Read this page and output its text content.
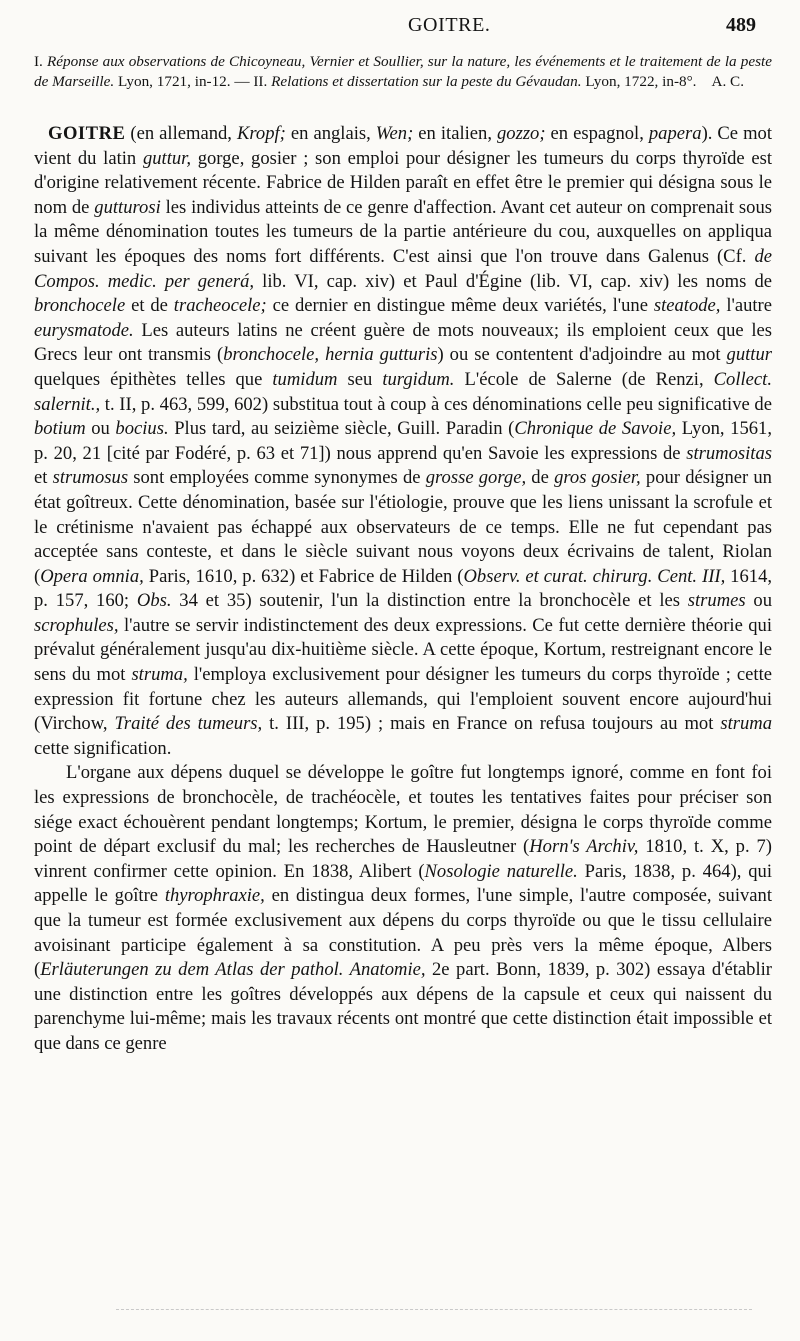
GOITRE.	489
I. Réponse aux observations de Chicoyneau, Vernier et Soullier, sur la nature, les événements et le traitement de la peste de Marseille. Lyon, 1721, in-12. — II. Relations et dissertation sur la peste du Gévaudan. Lyon, 1722, in-8°. A. C.

GOITRE (en allemand, Kropf; en anglais, Wen; en italien, gozzo; en espagnol, papera). Ce mot vient du latin guttur, gorge, gosier ; son emploi pour désigner les tumeurs du corps thyroïde est d'origine relativement récente. Fabrice de Hilden paraît en effet être le premier qui désigna sous le nom de gutturosi les individus atteints de ce genre d'affection. Avant cet auteur on comprenait sous la même dénomination toutes les tumeurs de la partie antérieure du cou, auxquelles on appliqua suivant les époques des noms fort différents. C'est ainsi que l'on trouve dans Galenus (Cf. de Compos. medic. per generá, lib. VI, cap. xiv) et Paul d'Égine (lib. VI, cap. xiv) les noms de bronchocele et de tracheocele; ce dernier en distingue même deux variétés, l'une steatode, l'autre eurysmatode. Les auteurs latins ne créent guère de mots nouveaux; ils emploient ceux que les Grecs leur ont transmis (bronchocele, hernia gutturis) ou se contentent d'adjoindre au mot guttur quelques épithètes telles que tumidum seu turgidum. L'école de Salerne (de Renzi, Collect. salernit., t. II, p. 463, 599, 602) substitua tout à coup à ces dénominations celle peu significative de botium ou bocius. Plus tard, au seizième siècle, Guill. Paradin (Chronique de Savoie, Lyon, 1561, p. 20, 21 [cité par Fodéré, p. 63 et 71]) nous apprend qu'en Savoie les expressions de strumositas et strumosus sont employées comme synonymes de grosse gorge, de gros gosier, pour désigner un état goîtreux. Cette dénomination, basée sur l'étiologie, prouve que les liens unissant la scrofule et le crétinisme n'avaient pas échappé aux observateurs de ce temps. Elle ne fut cependant pas acceptée sans conteste, et dans le siècle suivant nous voyons deux écrivains de talent, Riolan (Opera omnia, Paris, 1610, p. 632) et Fabrice de Hilden (Observ. et curat. chirurg. Cent. III, 1614, p. 157, 160; Obs. 34 et 35) soutenir, l'un la distinction entre la bronchocèle et les strumes ou scrophules, l'autre se servir indistinctement des deux expressions. Ce fut cette dernière théorie qui prévalut généralement jusqu'au dix-huitième siècle. A cette époque, Kortum, restreignant encore le sens du mot struma, l'employa exclusivement pour désigner les tumeurs du corps thyroïde ; cette expression fit fortune chez les auteurs allemands, qui l'emploient souvent encore aujourd'hui (Virchow, Traité des tumeurs, t. III, p. 195) ; mais en France on refusa toujours au mot struma cette signification.

L'organe aux dépens duquel se développe le goître fut longtemps ignoré, comme en font foi les expressions de bronchocèle, de trachéocèle, et toutes les tentatives faites pour préciser son siége exact échouèrent pendant longtemps; Kortum, le premier, désigna le corps thyroïde comme point de départ exclusif du mal; les recherches de Hausleutner (Horn's Archiv, 1810, t. X, p. 7) vinrent confirmer cette opinion. En 1838, Alibert (Nosologie naturelle. Paris, 1838, p. 464), qui appelle le goître thyrophraxie, en distingua deux formes, l'une simple, l'autre composée, suivant que la tumeur est formée exclusivement aux dépens du corps thyroïde ou que le tissu cellulaire avoisinant participe également à sa constitution. A peu près vers la même époque, Albers (Erläuterungen zu dem Atlas der pathol. Anatomie, 2e part. Bonn, 1839, p. 302) essaya d'établir une distinction entre les goîtres développés aux dépens de la capsule et ceux qui naissent du parenchyme lui-même; mais les travaux récents ont montré que cette distinction était impossible et que dans ce genre
